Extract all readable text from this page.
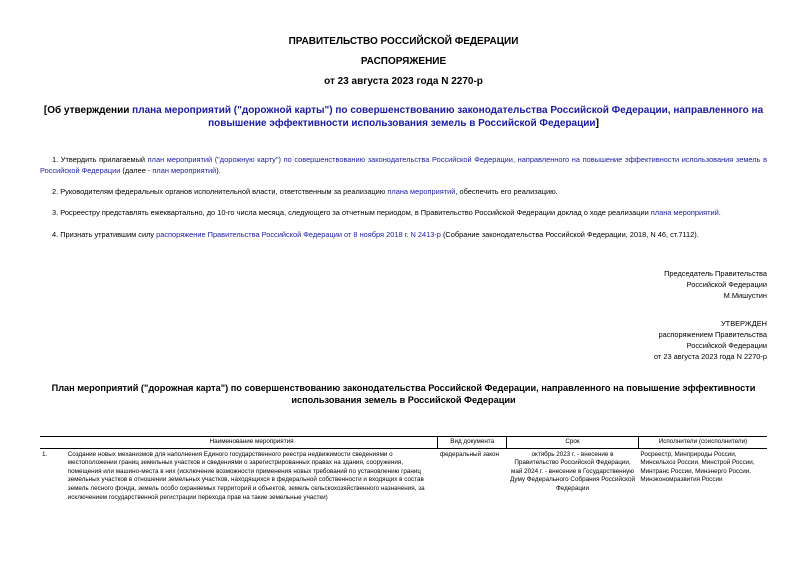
ПРАВИТЕЛЬСТВО РОССИЙСКОЙ ФЕДЕРАЦИИ
РАСПОРЯЖЕНИЕ
от 23 августа 2023 года N 2270-р
[Об утверждении плана мероприятий ("дорожной карты") по совершенствованию законодательства Российской Федерации, направленного на повышение эффективности использования земель в Российской Федерации]
1. Утвердить прилагаемый план мероприятий ("дорожную карту") по совершенствованию законодательства Российской Федерации, направленного на повышение эффективности использования земель в Российской Федерации (далее - план мероприятий).
2. Руководителям федеральных органов исполнительной власти, ответственным за реализацию плана мероприятий, обеспечить его реализацию.
3. Росреестру представлять ежеквартально, до 10-го числа месяца, следующего за отчетным периодом, в Правительство Российской Федерации доклад о ходе реализации плана мероприятий.
4. Признать утратившим силу распоряжение Правительства Российской Федерации от 8 ноября 2018 г. N 2413-р (Собрание законодательства Российской Федерации, 2018, N 46, ст.7112).
Председатель Правительства
Российской Федерации
М.Мишустин
УТВЕРЖДЕН
распоряжением Правительства
Российской Федерации
от 23 августа 2023 года N 2270-р
План мероприятий ("дорожная карта") по совершенствованию законодательства Российской Федерации, направленного на повышение эффективности использования земель в Российской Федерации
	Наименование мероприятия	Вид документа	Срок	Исполнители (соисполнители)
1.	Создание новых механизмов для наполнения Единого государственного реестра недвижимости сведениями о местоположении границ земельных участков и сведениями о зарегистрированных правах на здания, сооружения, помещения или машино-места в них (исключение возможности применения новых требований по установлению границ земельных участков в отношении земельных участков, находящихся в федеральной собственности и входящих в состав земель лесного фонда, земель особо охраняемых территорий и объектов, земель сельскохозяйственного назначения, за исключением государственной регистрации перехода прав на такие земельные участки)	федеральный закон	октябрь 2023 г. - внесение в Правительство Российской Федерации, май 2024 г. - внесение в Государственную Думу Федерального Собрания Российской Федерации	Росреестр, Минприроды России, Минсельхоз России, Минстрой России, Минтранс России, Минэнерго России, Минэкономразвития России
